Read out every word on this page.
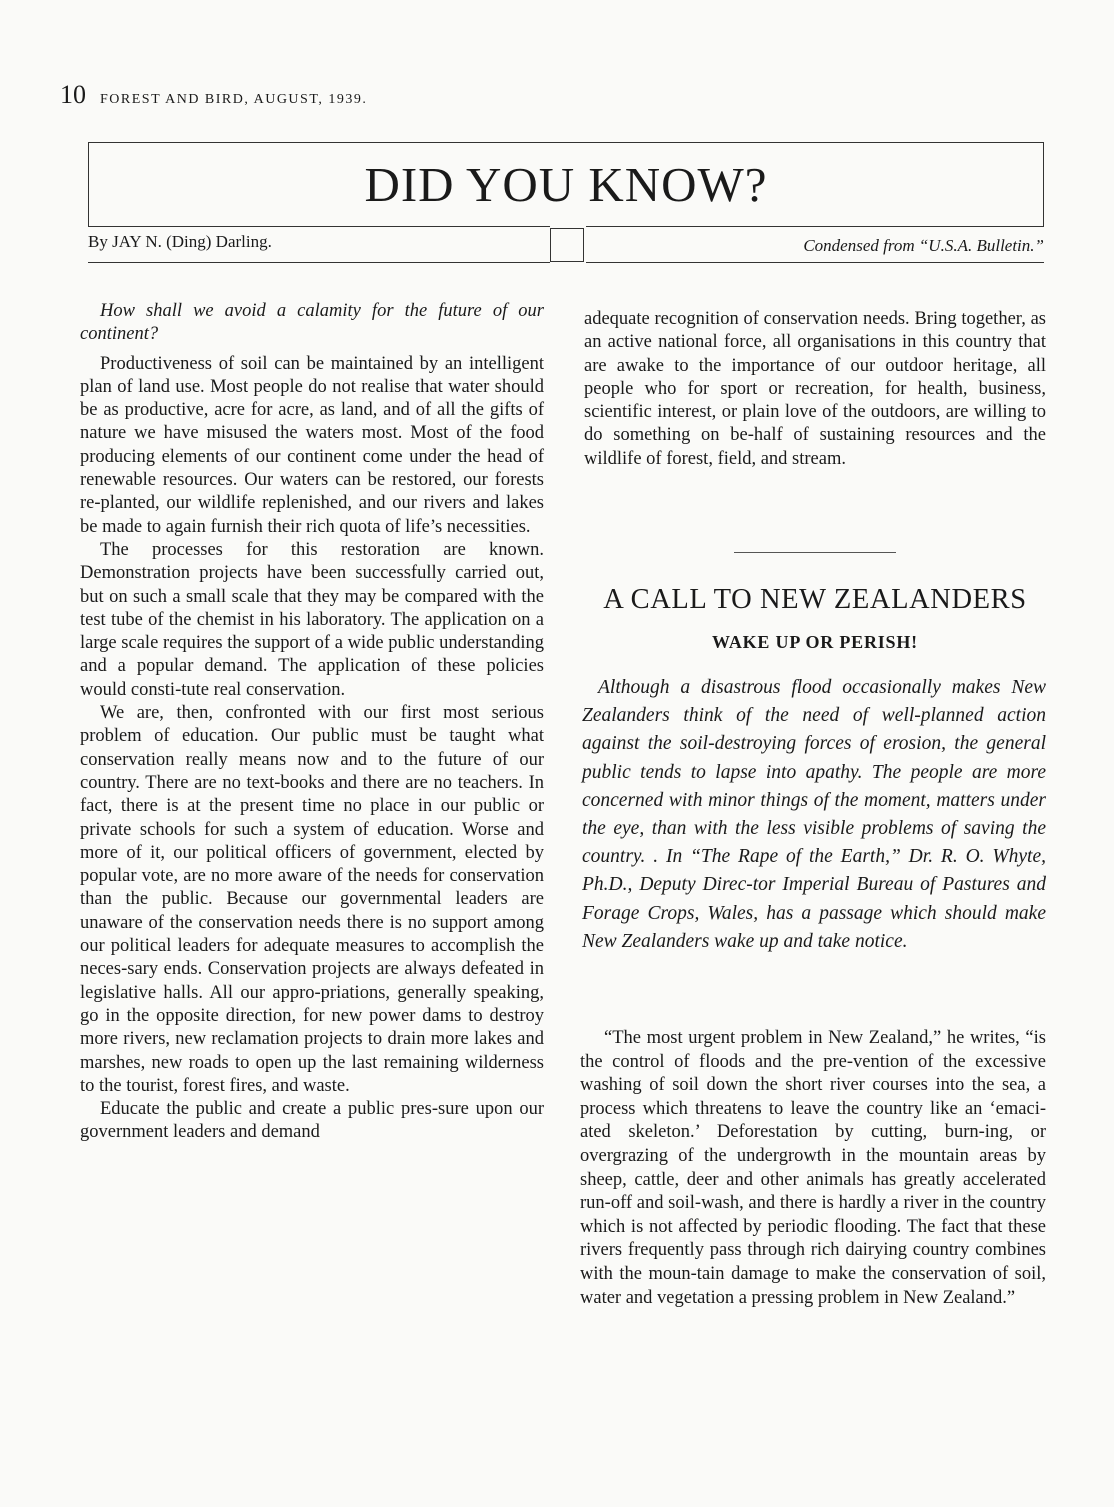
10 FOREST AND BIRD, AUGUST, 1939.
DID YOU KNOW?
By JAY N. (Ding) Darling.	Condensed from “U.S.A. Bulletin.”

How shall we avoid a calamity for the future of our continent?

Productiveness of soil can be maintained by an intelligent plan of land use. Most people do not realise that water should be as productive, acre for acre, as land, and of all the gifts of nature we have misused the waters most. Most of the food producing elements of our continent come under the head of renewable resources. Our waters can be restored, our forests re-planted, our wildlife replenished, and our rivers and lakes be made to again furnish their rich quota of life’s necessities.

The processes for this restoration are known. Demonstration projects have been successfully carried out, but on such a small scale that they may be compared with the test tube of the chemist in his laboratory. The application on a large scale requires the support of a wide public understanding and a popular demand. The application of these policies would consti-tute real conservation.

We are, then, confronted with our first most serious problem of education. Our public must be taught what conservation really means now and to the future of our country. There are no text-books and there are no teachers. In fact, there is at the present time no place in our public or private schools for such a system of education. Worse and more of it, our political officers of government, elected by popular vote, are no more aware of the needs for conservation than the public. Because our governmental leaders are unaware of the conservation needs there is no support among our political leaders for adequate measures to accomplish the neces-sary ends. Conservation projects are always defeated in legislative halls. All our appro-priations, generally speaking, go in the opposite direction, for new power dams to destroy more rivers, new reclamation projects to drain more lakes and marshes, new roads to open up the last remaining wilderness to the tourist, forest fires, and waste.

Educate the public and create a public pres-sure upon our government leaders and demand

adequate recognition of conservation needs. Bring together, as an active national force, all organisations in this country that are awake to the importance of our outdoor heritage, all people who for sport or recreation, for health, business, scientific interest, or plain love of the outdoors, are willing to do something on be-half of sustaining resources and the wildlife of forest, field, and stream.

A CALL TO NEW ZEALANDERS
WAKE UP OR PERISH!

Although a disastrous flood occasionally makes New Zealanders think of the need of well-planned action against the soil-destroying forces of erosion, the general public tends to lapse into apathy. The people are more concerned with minor things of the moment, matters under the eye, than with the less visible problems of saving the country. . In “The Rape of the Earth,” Dr. R. O. Whyte, Ph.D., Deputy Direc-tor Imperial Bureau of Pastures and Forage Crops, Wales, has a passage which should make New Zealanders wake up and take notice.

“The most urgent problem in New Zealand,” he writes, “is the control of floods and the pre-vention of the excessive washing of soil down the short river courses into the sea, a process which threatens to leave the country like an ‘emaci-ated skeleton.’ Deforestation by cutting, burn-ing, or overgrazing of the undergrowth in the mountain areas by sheep, cattle, deer and other animals has greatly accelerated run-off and soil-wash, and there is hardly a river in the country which is not affected by periodic flooding. The fact that these rivers frequently pass through rich dairying country combines with the moun-tain damage to make the conservation of soil, water and vegetation a pressing problem in New Zealand.”
